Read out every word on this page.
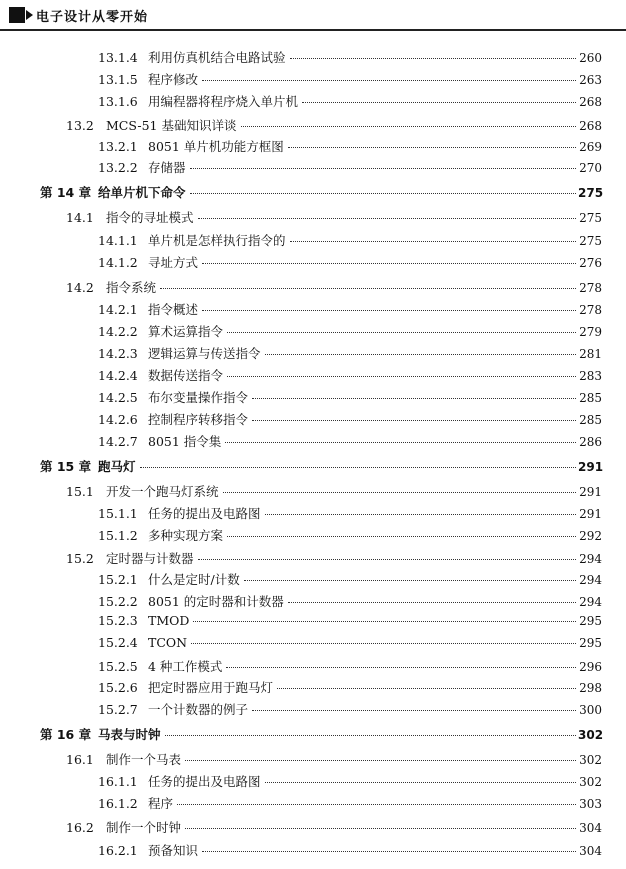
电子设计从零开始
13.1.4 利用仿真机结合电路试验	260
13.1.5 程序修改	263
13.1.6 用编程器将程序烧入单片机	268
13.2 MCS-51 基础知识详谈	268
13.2.1 8051 单片机功能方框图	269
13.2.2 存储器	270
第 14 章 给单片机下命令	275
14.1 指令的寻址模式	275
14.1.1 单片机是怎样执行指令的	275
14.1.2 寻址方式	276
14.2 指令系统	278
14.2.1 指令概述	278
14.2.2 算术运算指令	279
14.2.3 逻辑运算与传送指令	281
14.2.4 数据传送指令	283
14.2.5 布尔变量操作指令	285
14.2.6 控制程序转移指令	285
14.2.7 8051 指令集	286
第 15 章 跑马灯	291
15.1 开发一个跑马灯系统	291
15.1.1 任务的提出及电路图	291
15.1.2 多种实现方案	292
15.2 定时器与计数器	294
15.2.1 什么是定时/计数	294
15.2.2 8051 的定时器和计数器	294
15.2.3 TMOD	295
15.2.4 TCON	295
15.2.5 4 种工作模式	296
15.2.6 把定时器应用于跑马灯	298
15.2.7 一个计数器的例子	300
第 16 章 马表与时钟	302
16.1 制作一个马表	302
16.1.1 任务的提出及电路图	302
16.1.2 程序	303
16.2 制作一个时钟	304
16.2.1 预备知识	304
